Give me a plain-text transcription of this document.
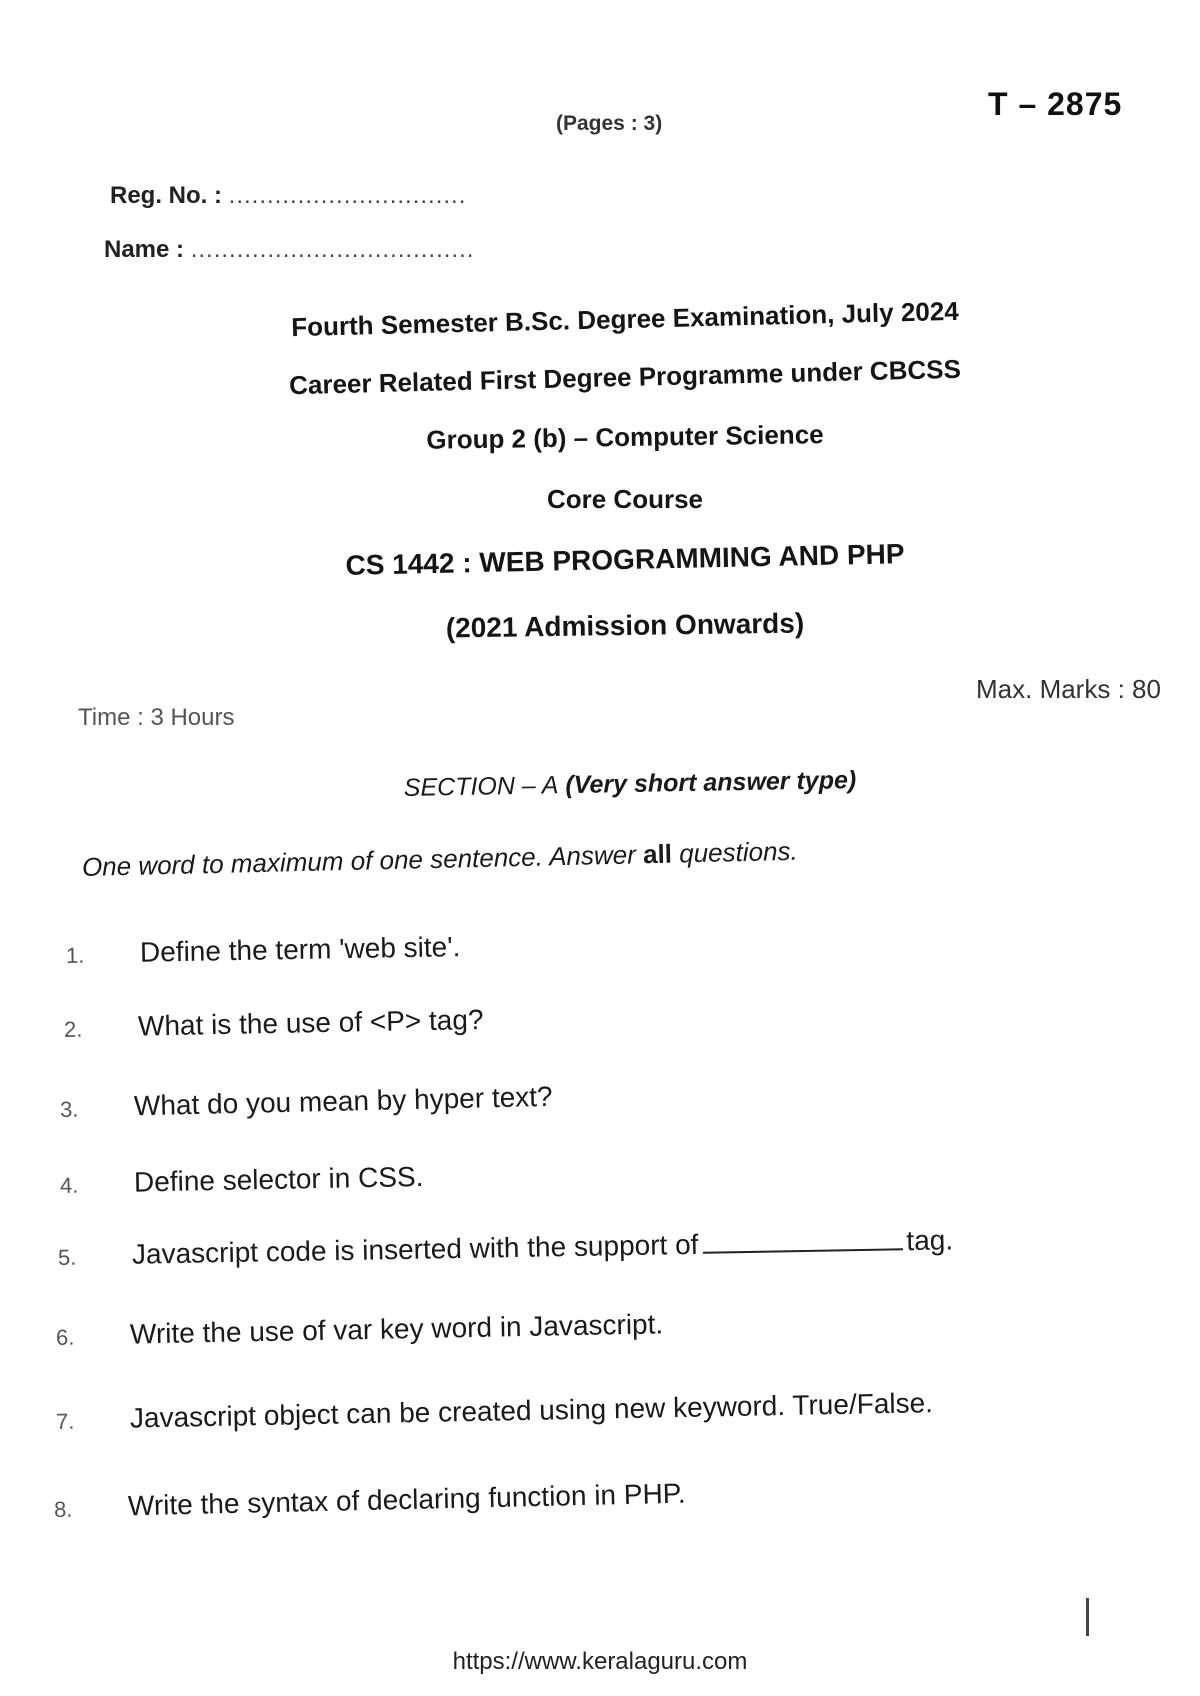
(Pages : 3)
T – 2875
Reg. No. : ...............................
Name : .....................................
Fourth Semester B.Sc. Degree Examination, July 2024
Career Related First Degree Programme under CBCSS
Group 2 (b) – Computer Science
Core Course
CS 1442 : WEB PROGRAMMING AND PHP
(2021 Admission Onwards)
Time : 3 Hours
Max. Marks : 80
SECTION – A (Very short answer type)
One word to maximum of one sentence. Answer all questions.
1. Define the term 'web site'.
2. What is the use of <P> tag?
3. What do you mean by hyper text?
4. Define selector in CSS.
5. Javascript code is inserted with the support of	tag.
6. Write the use of var key word in Javascript.
7. Javascript object can be created using new keyword. True/False.
8. Write the syntax of declaring function in PHP.
https://www.keralaguru.com
